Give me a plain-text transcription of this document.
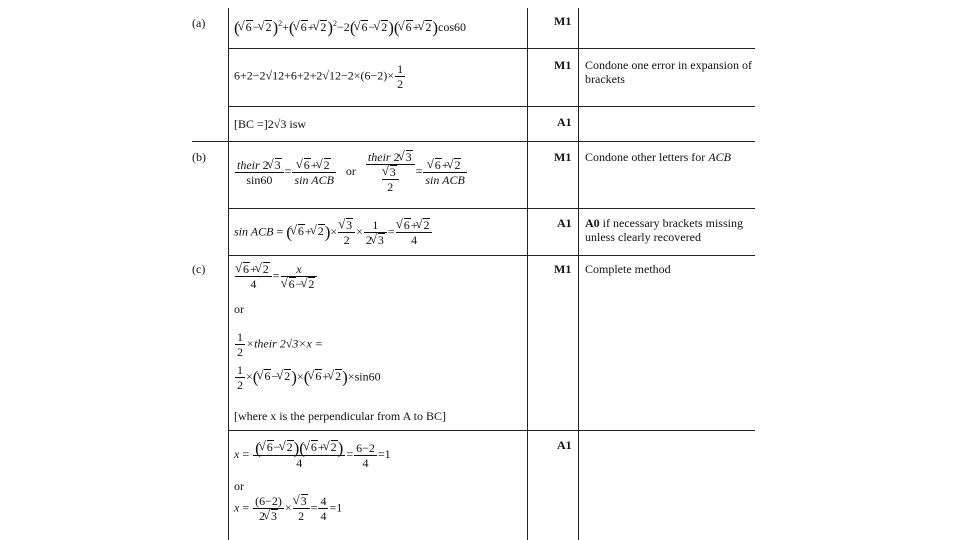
(a)
(b)
(c)
M1
M1
A1
M1
A1
M1
A1
Condone one error in expansion of brackets
Condone other letters for ACB
A0 if necessary brackets missing unless clearly recovered
Complete method
( √ 6− √ 2)$^2$+( √ 6+ √ 2)$^2$−2( √ 6− √ 2)( √ 6+ √ 2)cos60
$6+2-2√12+6+2+2√12-2\times(6-2)\times \frac{1}{2}$
[BC =]2√3 isw
$\frac{\text{their 2 √ 3}}{\sin 60}$ = √ $\frac{6+ √ 2}{\text{sin ACB}}$ or their 2 √ 3
√ $\frac{3}{2}$ = √ $\frac{6+ √ 2}{\text{sin ACB}}$
sin ACB = ( √ 6+ √ 2)× √ $\frac{3}{2} \times \frac{1}{2 √ 3}$ = √ $\frac{6+ √ 2}{4}$
√ $\frac{6+ √ 2}{4} = x$
√ 6− √ 2
or
$\frac{1}{2}$ ×their 2√3×x =
$\frac{1}{2}$ ×( √ 6− √ 2)×( √ 6+ √ 2)×sin60
[where x is the perpendicular from A to BC]
$x = \frac{( √ 6- √ 2)( √ 6+ √ 2)}{4} = \frac{6-2}{4} =1$
or
$x = \frac{(6-2)}{2 √ 3}$ × √ $\frac{3}{2} = \frac{4}{4} =1$
